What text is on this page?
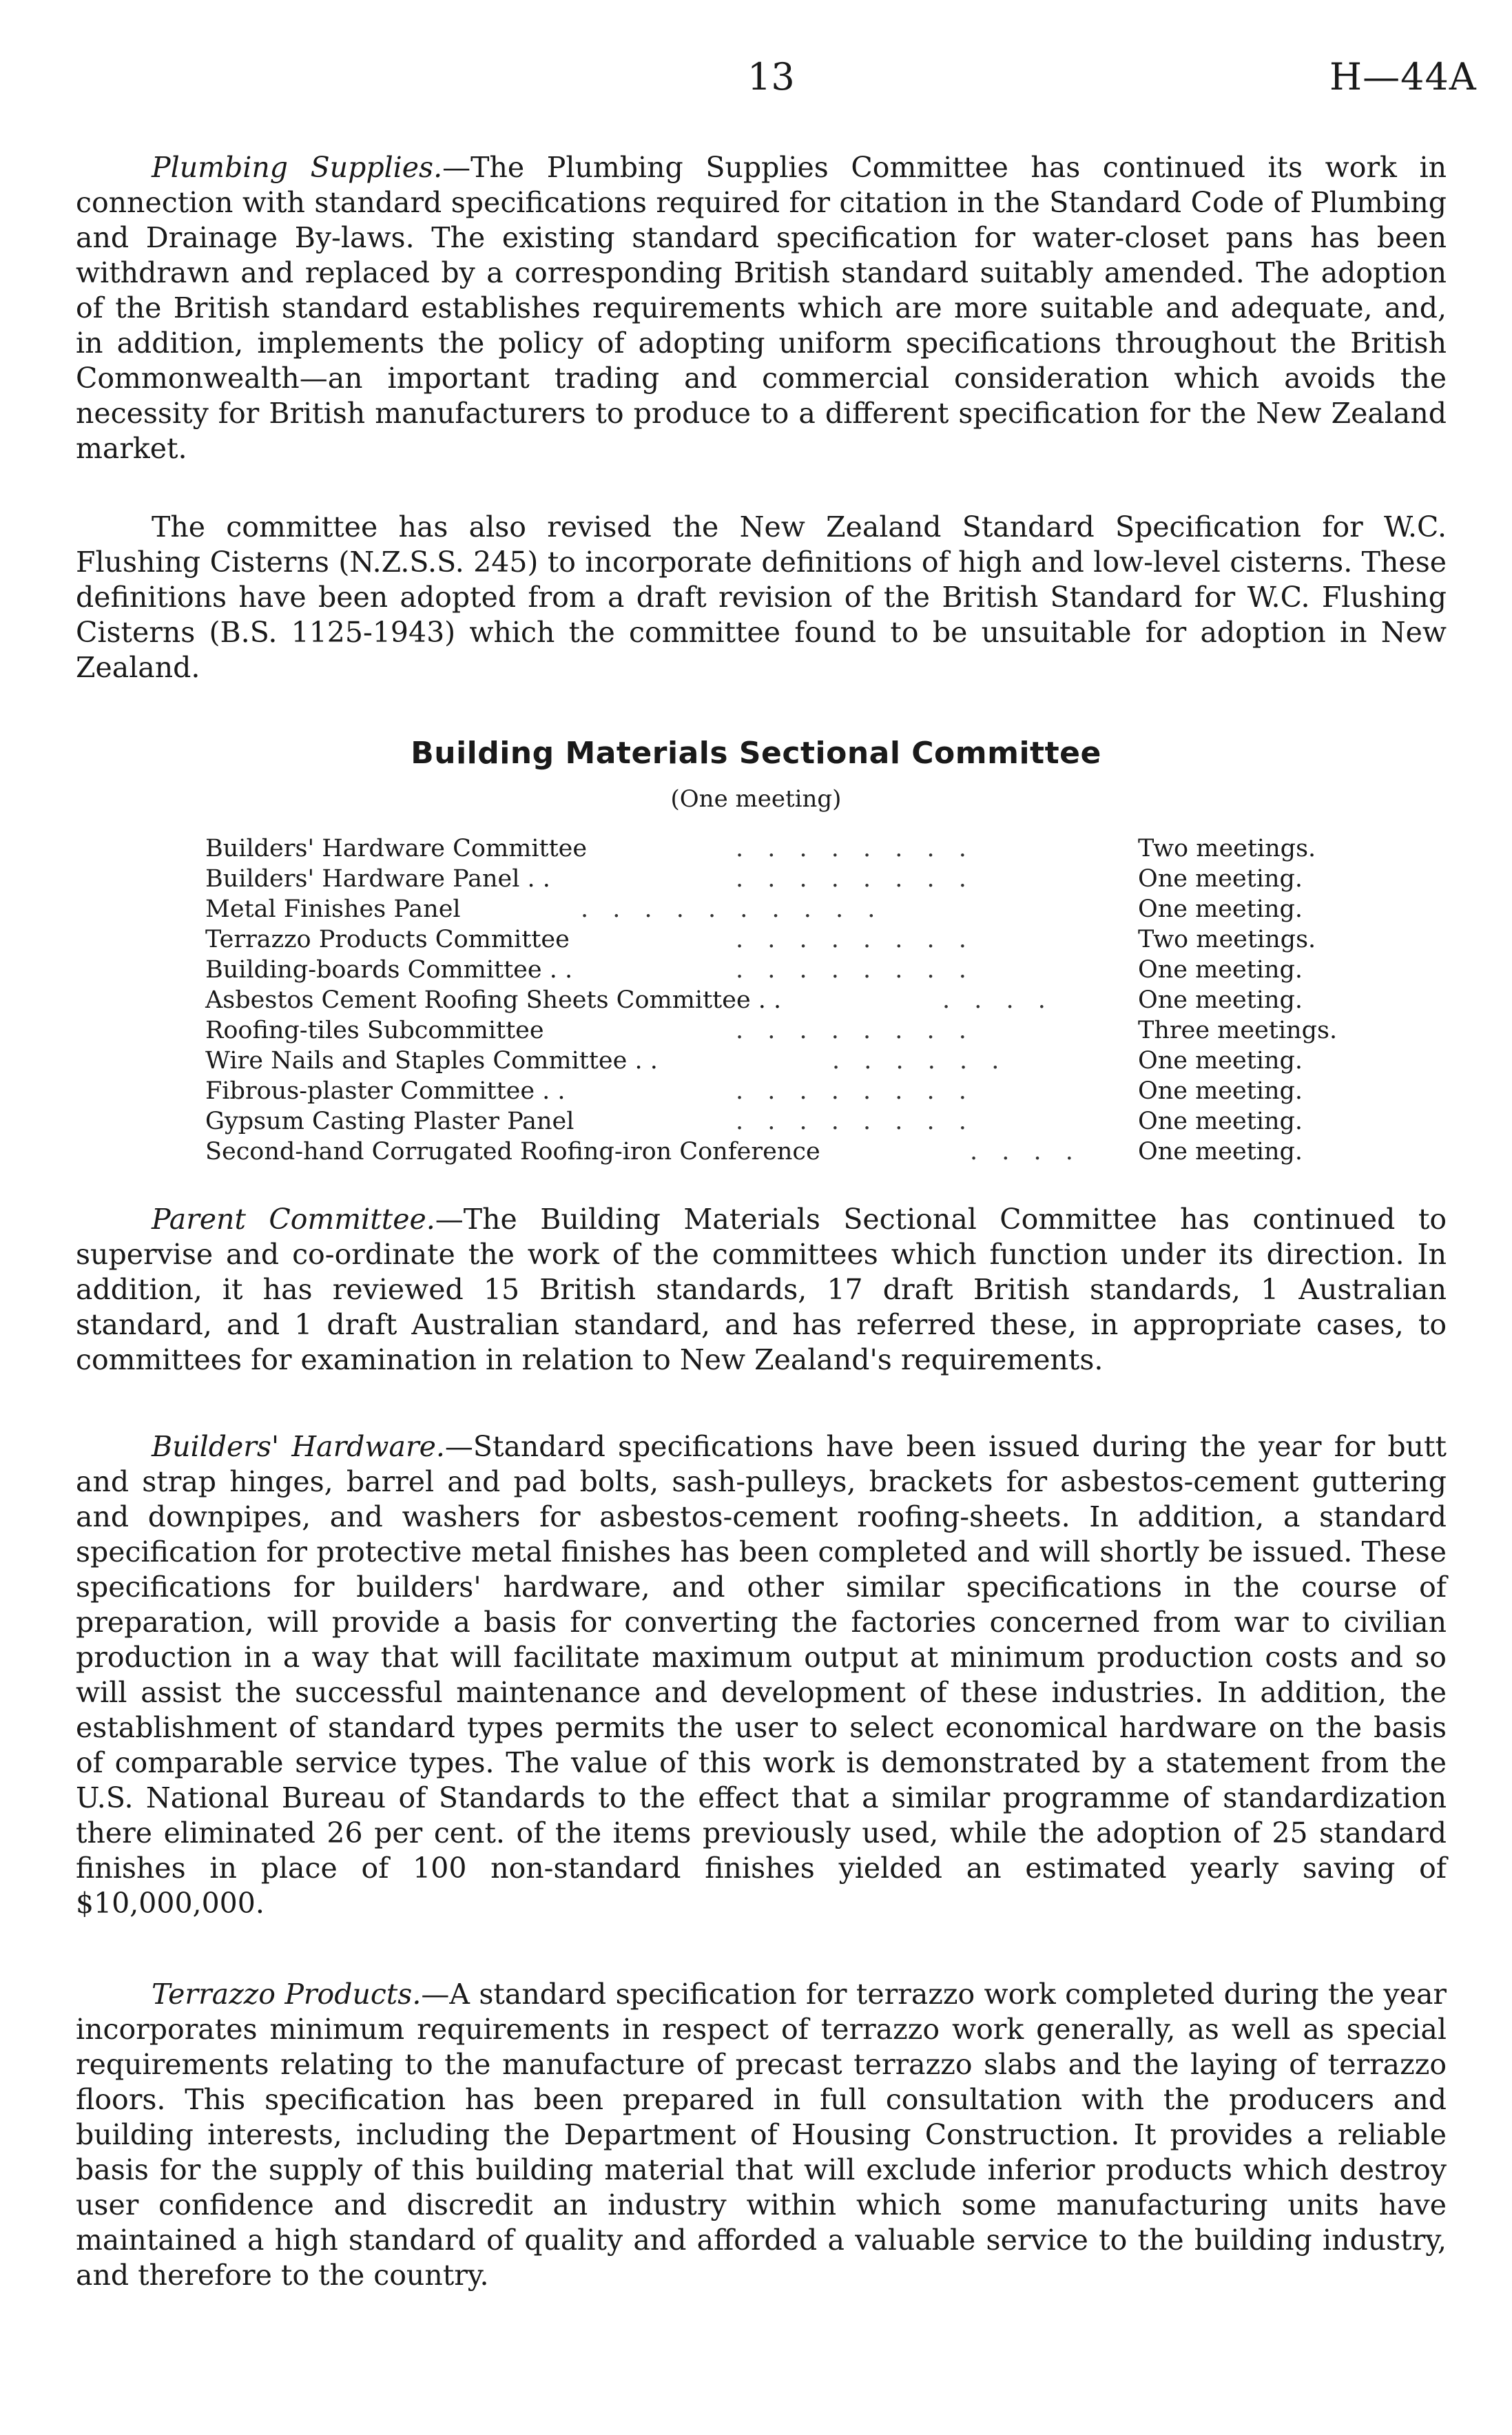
13	H—44A

Plumbing Supplies.—The Plumbing Supplies Committee has continued its work in connection with standard specifications required for citation in the Standard Code of Plumbing and Drainage By-laws. The existing standard specification for water-closet pans has been withdrawn and replaced by a corresponding British standard suitably amended. The adoption of the British standard establishes requirements which are more suitable and adequate, and, in addition, implements the policy of adopting uniform specifications throughout the British Commonwealth—an important trading and commercial consideration which avoids the necessity for British manufacturers to produce to a different specification for the New Zealand market.

The committee has also revised the New Zealand Standard Specification for W.C. Flushing Cisterns (N.Z.S.S. 245) to incorporate definitions of high and low-level cisterns. These definitions have been adopted from a draft revision of the British Standard for W.C. Flushing Cisterns (B.S. 1125-1943) which the committee found to be unsuitable for adoption in New Zealand.

Building Materials Sectional Committee
(One meeting)
Builders' Hardware Committee	. . . . . . . .	Two meetings.
Builders' Hardware Panel . .	. . . . . . . .	One meeting.
Metal Finishes Panel	. . . . . . . . . .	One meeting.
Terrazzo Products Committee	. . . . . . . .	Two meetings.
Building-boards Committee . .	. . . . . . . .	One meeting.
Asbestos Cement Roofing Sheets Committee . .	. . . .	One meeting.
Roofing-tiles Subcommittee	. . . . . . . .	Three meetings.
Wire Nails and Staples Committee . .	. . . . . .	One meeting.
Fibrous-plaster Committee . .	. . . . . . . .	One meeting.
Gypsum Casting Plaster Panel	. . . . . . . .	One meeting.
Second-hand Corrugated Roofing-iron Conference	. . . .	One meeting.

Parent Committee.—The Building Materials Sectional Committee has continued to supervise and co-ordinate the work of the committees which function under its direction. In addition, it has reviewed 15 British standards, 17 draft British standards, 1 Australian standard, and 1 draft Australian standard, and has referred these, in appropriate cases, to committees for examination in relation to New Zealand's requirements.

Builders' Hardware.—Standard specifications have been issued during the year for butt and strap hinges, barrel and pad bolts, sash-pulleys, brackets for asbestos-cement guttering and downpipes, and washers for asbestos-cement roofing-sheets. In addition, a standard specification for protective metal finishes has been completed and will shortly be issued. These specifications for builders' hardware, and other similar specifications in the course of preparation, will provide a basis for converting the factories concerned from war to civilian production in a way that will facilitate maximum output at minimum production costs and so will assist the successful maintenance and development of these industries. In addition, the establishment of standard types permits the user to select economical hardware on the basis of comparable service types. The value of this work is demonstrated by a statement from the U.S. National Bureau of Standards to the effect that a similar programme of standardization there eliminated 26 per cent. of the items previously used, while the adoption of 25 standard finishes in place of 100 non-standard finishes yielded an estimated yearly saving of $10,000,000.

Terrazzo Products.—A standard specification for terrazzo work completed during the year incorporates minimum requirements in respect of terrazzo work generally, as well as special requirements relating to the manufacture of precast terrazzo slabs and the laying of terrazzo floors. This specification has been prepared in full consultation with the producers and building interests, including the Department of Housing Construction. It provides a reliable basis for the supply of this building material that will exclude inferior products which destroy user confidence and discredit an industry within which some manufacturing units have maintained a high standard of quality and afforded a valuable service to the building industry, and therefore to the country.
